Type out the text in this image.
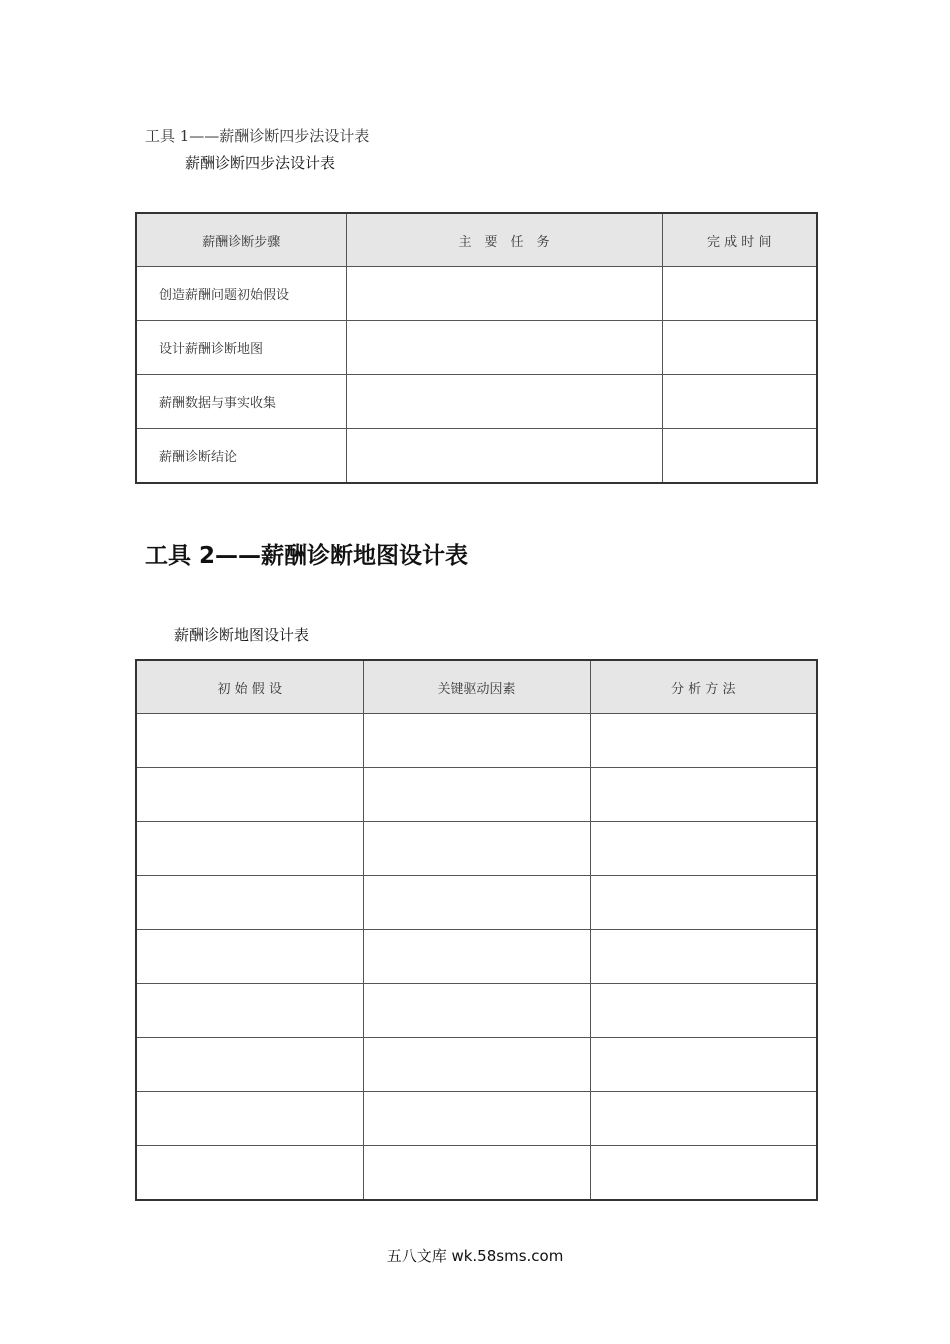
工具 1——薪酬诊断四步法设计表
薪酬诊断四步法设计表
薪酬诊断步骤	主　要　任　务	完 成 时 间
创造薪酬问题初始假设		
设计薪酬诊断地图		
薪酬数据与事实收集		
薪酬诊断结论		
工具 2——薪酬诊断地图设计表
薪酬诊断地图设计表
初 始 假 设	关键驱动因素	分 析 方 法

五八文库 wk.58sms.com
